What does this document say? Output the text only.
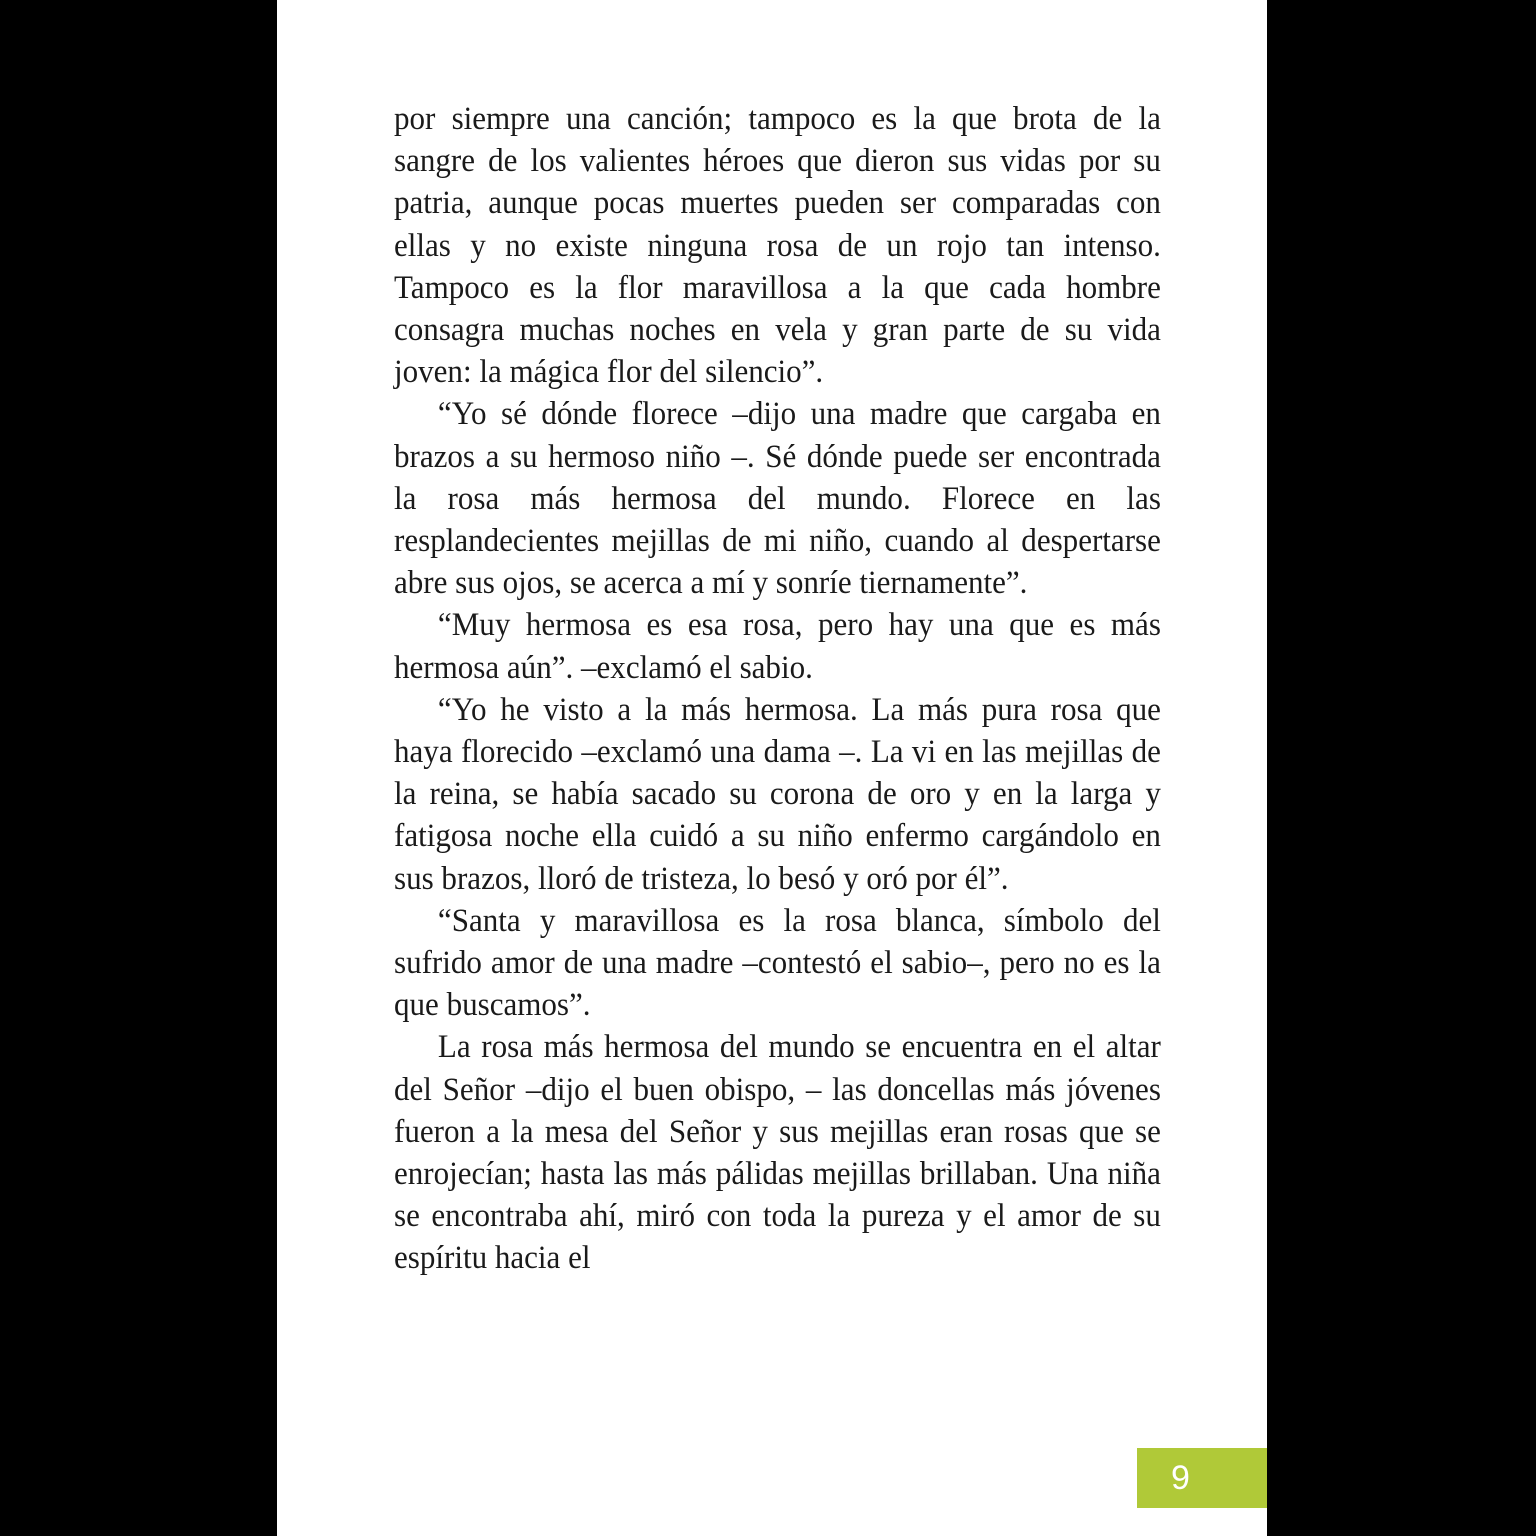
por siempre una canción; tampoco es la que brota de la sangre de los valientes héroes que dieron sus vidas por su patria, aunque pocas muertes pueden ser comparadas con ellas y no existe ninguna rosa de un rojo tan intenso. Tampoco es la flor maravillosa a la que cada hombre consagra muchas noches en vela y gran parte de su vida joven: la mágica flor del silencio”.

“Yo sé dónde florece –dijo una madre que cargaba en brazos a su hermoso niño –. Sé dónde puede ser encontrada la rosa más hermosa del mundo. Florece en las resplandecientes mejillas de mi niño, cuando al despertarse abre sus ojos, se acerca a mí y sonríe tiernamente”.

“Muy hermosa es esa rosa, pero hay una que es más hermosa aún”. –exclamó el sabio.

“Yo he visto a la más hermosa. La más pura rosa que haya florecido –exclamó una dama –. La vi en las mejillas de la reina, se había sacado su corona de oro y en la larga y fatigosa noche ella cuidó a su niño enfermo cargándolo en sus brazos, lloró de tristeza, lo besó y oró por él”.

“Santa y maravillosa es la rosa blanca, símbolo del sufrido amor de una madre –contestó el sabio–, pero no es la que buscamos”.

La rosa más hermosa del mundo se encuentra en el altar del Señor –dijo el buen obispo, – las doncellas más jóvenes fueron a la mesa del Señor y sus mejillas eran rosas que se enrojecían; hasta las más pálidas mejillas brillaban. Una niña se encontraba ahí, miró con toda la pureza y el amor de su espíritu hacia el

9
